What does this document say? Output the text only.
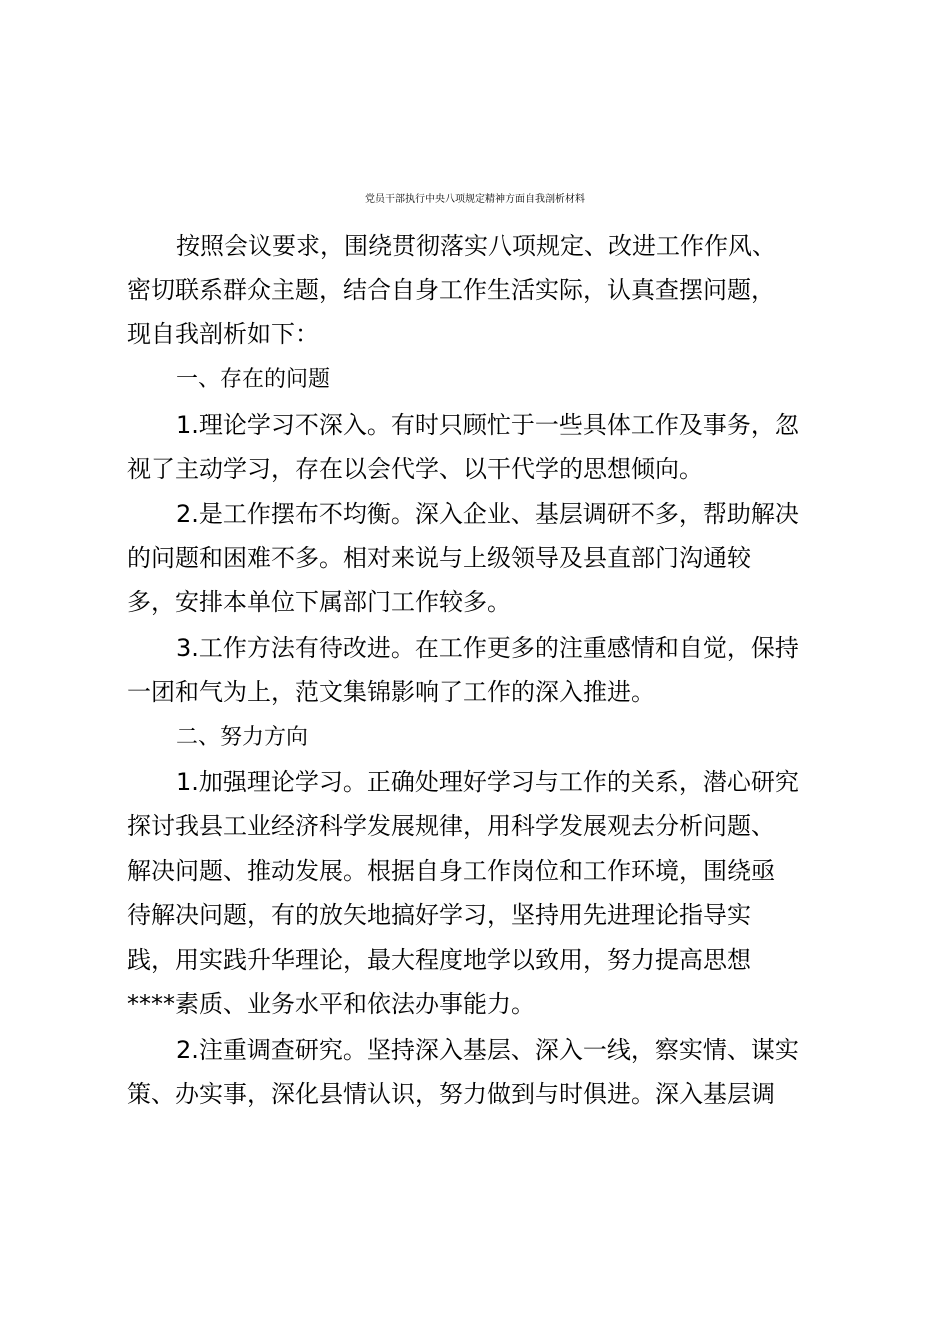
党员干部执行中央八项规定精神方面自我剖析材料
按照会议要求，围绕贯彻落实八项规定、改进工作作风、
密切联系群众主题，结合自身工作生活实际，认真查摆问题，
现自我剖析如下：
一、存在的问题
1.理论学习不深入。有时只顾忙于一些具体工作及事务，忽
视了主动学习，存在以会代学、以干代学的思想倾向。
2.是工作摆布不均衡。深入企业、基层调研不多，帮助解决
的问题和困难不多。相对来说与上级领导及县直部门沟通较
多，安排本单位下属部门工作较多。
3.工作方法有待改进。在工作更多的注重感情和自觉，保持
一团和气为上，范文集锦影响了工作的深入推进。
二、努力方向
1.加强理论学习。正确处理好学习与工作的关系，潜心研究
探讨我县工业经济科学发展规律，用科学发展观去分析问题、
解决问题、推动发展。根据自身工作岗位和工作环境，围绕亟
待解决问题，有的放矢地搞好学习，坚持用先进理论指导实
践，用实践升华理论，最大程度地学以致用，努力提高思想
****素质、业务水平和依法办事能力。
2.注重调查研究。坚持深入基层、深入一线，察实情、谋实
策、办实事，深化县情认识，努力做到与时俱进。深入基层调
